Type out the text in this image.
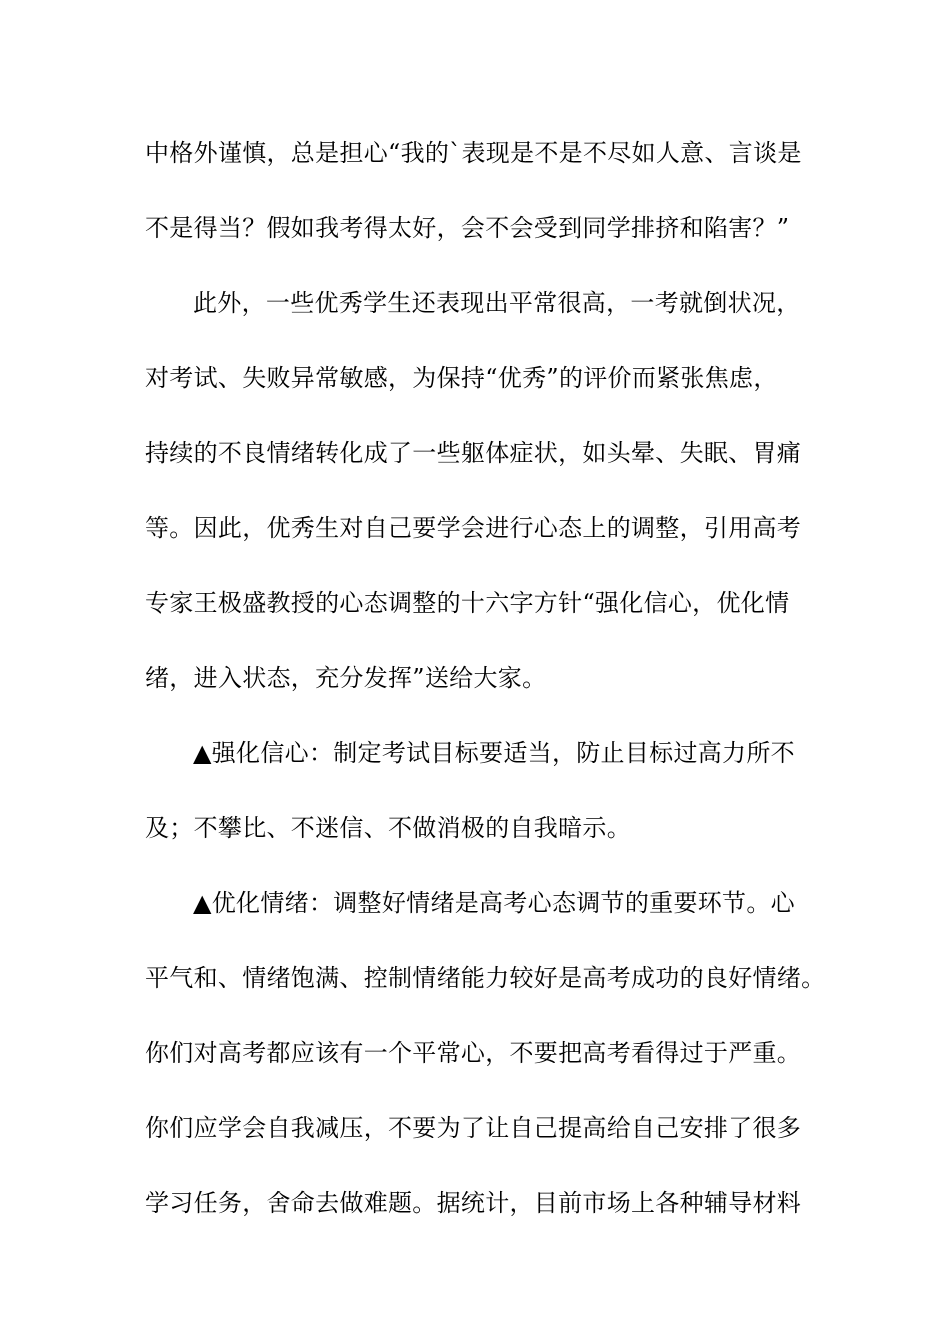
中格外谨慎，总是担心“我的`表现是不是不尽如人意、言谈是
不是得当？假如我考得太好，会不会受到同学排挤和陷害？”
此外，一些优秀学生还表现出平常很高，一考就倒状况，
对考试、失败异常敏感，为保持“优秀”的评价而紧张焦虑，
持续的不良情绪转化成了一些躯体症状，如头晕、失眠、胃痛
等。因此，优秀生对自己要学会进行心态上的调整，引用高考
专家王极盛教授的心态调整的十六字方针“强化信心，优化情
绪，进入状态，充分发挥”送给大家。
▲强化信心：制定考试目标要适当，防止目标过高力所不
及；不攀比、不迷信、不做消极的自我暗示。
▲优化情绪：调整好情绪是高考心态调节的重要环节。心
平气和、情绪饱满、控制情绪能力较好是高考成功的良好情绪。
你们对高考都应该有一个平常心，不要把高考看得过于严重。
你们应学会自我减压，不要为了让自己提高给自己安排了很多
学习任务，舍命去做难题。据统计，目前市场上各种辅导材料
